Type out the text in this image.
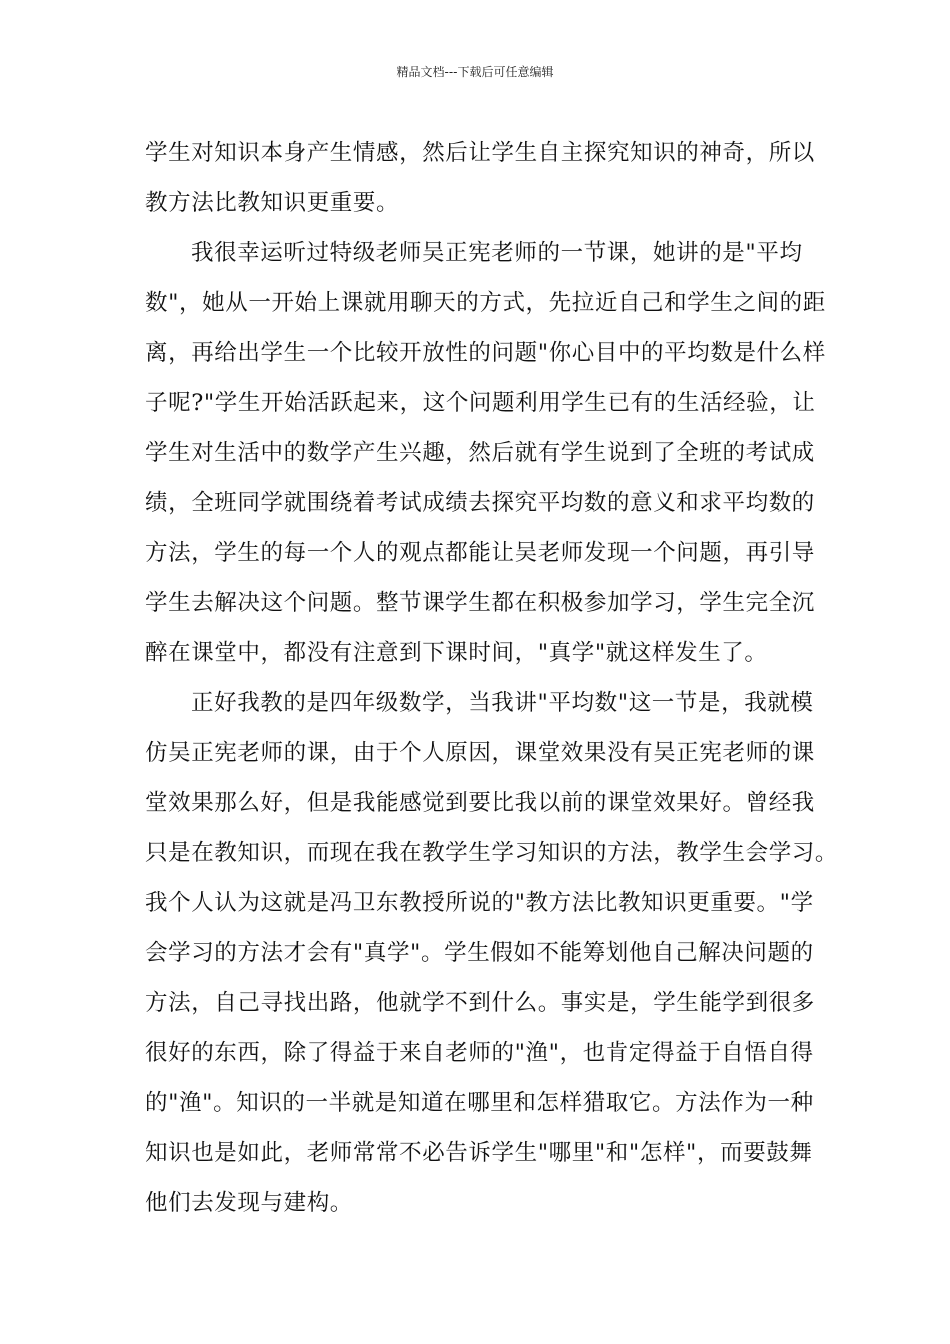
精品文档---下载后可任意编辑
学生对知识本身产生情感，然后让学生自主探究知识的神奇，所以
教方法比教知识更重要。
我很幸运听过特级老师吴正宪老师的一节课，她讲的是"平均
数"，她从一开始上课就用聊天的方式，先拉近自己和学生之间的距
离，再给出学生一个比较开放性的问题"你心目中的平均数是什么样
子呢?"学生开始活跃起来，这个问题利用学生已有的生活经验，让
学生对生活中的数学产生兴趣，然后就有学生说到了全班的考试成
绩，全班同学就围绕着考试成绩去探究平均数的意义和求平均数的
方法，学生的每一个人的观点都能让吴老师发现一个问题，再引导
学生去解决这个问题。整节课学生都在积极参加学习，学生完全沉
醉在课堂中，都没有注意到下课时间，"真学"就这样发生了。
正好我教的是四年级数学，当我讲"平均数"这一节是，我就模
仿吴正宪老师的课，由于个人原因，课堂效果没有吴正宪老师的课
堂效果那么好，但是我能感觉到要比我以前的课堂效果好。曾经我
只是在教知识，而现在我在教学生学习知识的方法，教学生会学习。
我个人认为这就是冯卫东教授所说的"教方法比教知识更重要。"学
会学习的方法才会有"真学"。学生假如不能筹划他自己解决问题的
方法，自己寻找出路，他就学不到什么。事实是，学生能学到很多
很好的东西，除了得益于来自老师的"渔"，也肯定得益于自悟自得
的"渔"。知识的一半就是知道在哪里和怎样猎取它。方法作为一种
知识也是如此，老师常常不必告诉学生"哪里"和"怎样"，而要鼓舞
他们去发现与建构。
